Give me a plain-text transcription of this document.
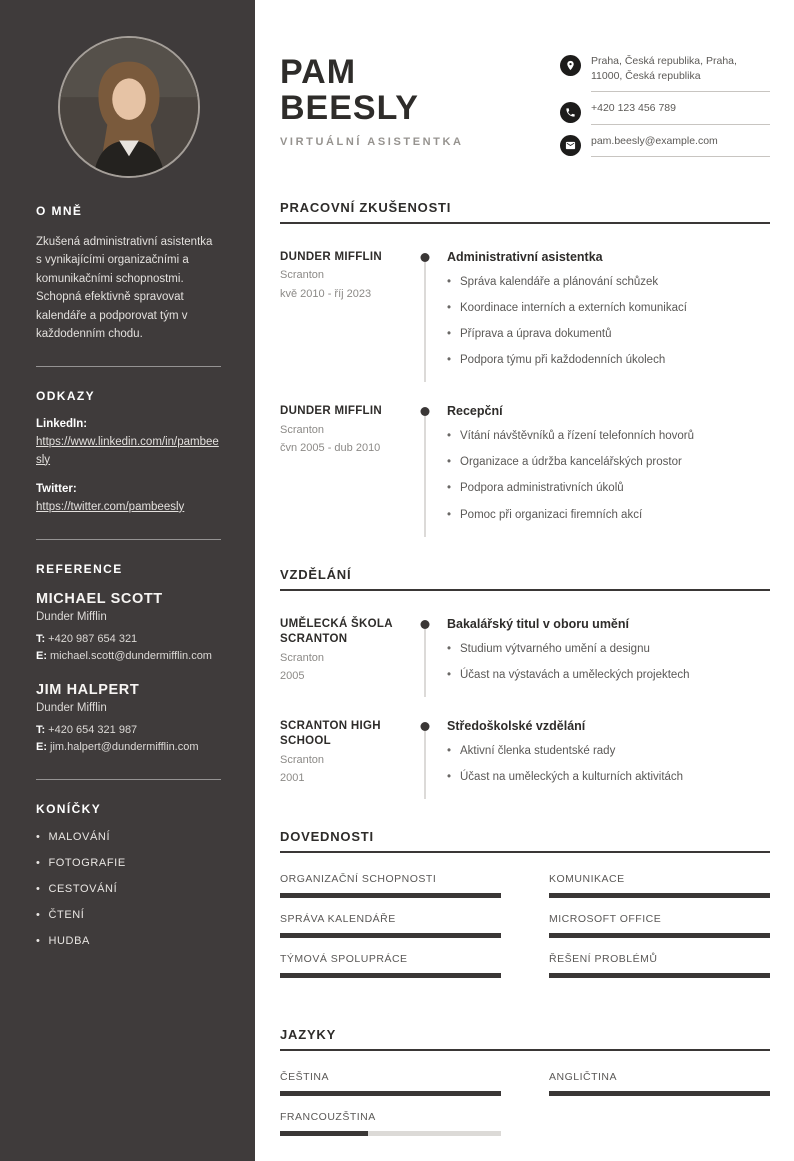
O MNĚ

Zkušená administrativní asistentka s vynikajícími organizačními a komunikačními schopnostmi. Schopná efektivně spravovat kalendáře a podporovat tým v každodenním chodu.

ODKAZY
LinkedIn:
https://www.linkedin.com/in/pambeesly
Twitter:
https://twitter.com/pambeesly
REFERENCE
MICHAEL SCOTT
Dunder Mifflin
T: +420 987 654 321
E: michael.scott@dundermifflin.com
JIM HALPERT
Dunder Mifflin
T: +420 654 321 987
E: jim.halpert@dundermifflin.com
KONÍČKY
• MALOVÁNÍ
• FOTOGRAFIE
• CESTOVÁNÍ
• ČTENÍ
• HUDBA
PAM
BEESLY
VIRTUÁLNÍ ASISTENTKA
Praha, Česká republika, Praha, 11000, Česká republika
+420 123 456 789
pam.beesly@example.com
PRACOVNÍ ZKUŠENOSTI
DUNDER MIFFLIN
Scranton
kvě 2010 - říj 2023
Administrativní asistentka
• Správa kalendáře a plánování schůzek
• Koordinace interních a externích komunikací
• Příprava a úprava dokumentů
• Podpora týmu při každodenních úkolech
DUNDER MIFFLIN
Scranton
čvn 2005 - dub 2010
Recepční
• Vítání návštěvníků a řízení telefonních hovorů
• Organizace a údržba kancelářských prostor
• Podpora administrativních úkolů
• Pomoc při organizaci firemních akcí
VZDĚLÁNÍ
UMĚLECKÁ ŠKOLA SCRANTON
Scranton
2005
Bakalářský titul v oboru umění
• Studium výtvarného umění a designu
• Účast na výstavách a uměleckých projektech
SCRANTON HIGH SCHOOL
Scranton
2001
Středoškolské vzdělání
• Aktivní členka studentské rady
• Účast na uměleckých a kulturních aktivitách
DOVEDNOSTI
ORGANIZAČNÍ SCHOPNOSTI	KOMUNIKACE
SPRÁVA KALENDÁŘE	MICROSOFT OFFICE
TÝMOVÁ SPOLUPRÁCE	ŘEŠENÍ PROBLÉMŮ
JAZYKY
ČEŠTINA	ANGLIČTINA
FRANCOUZŠTINA
